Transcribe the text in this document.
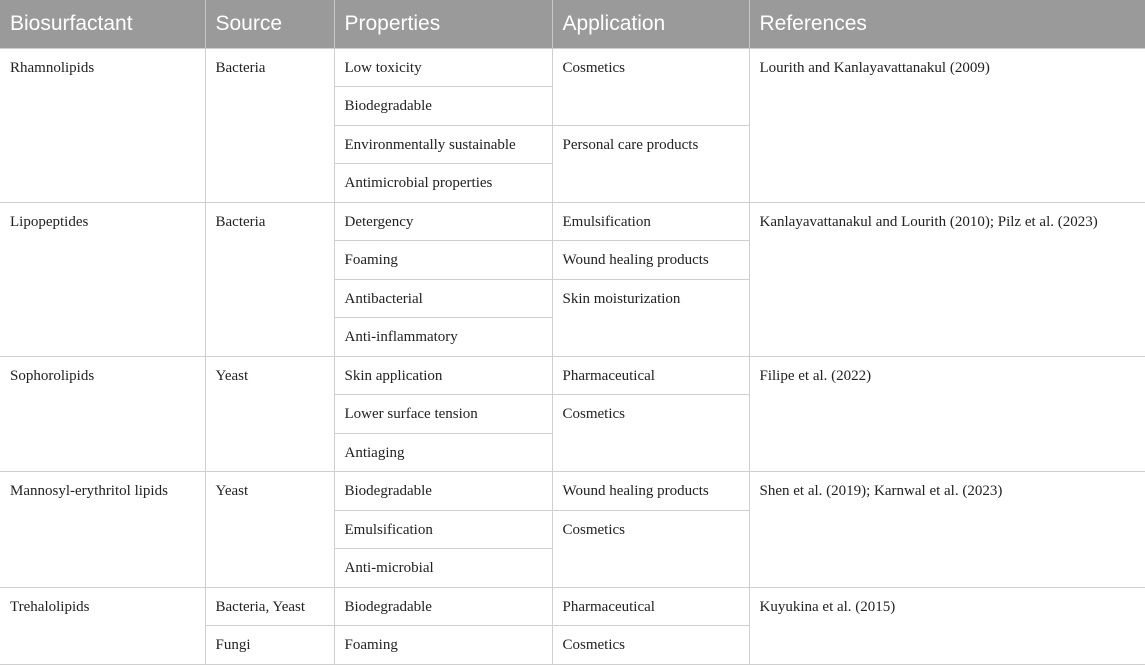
Biosurfactant	Source	Properties	Application	References
Rhamnolipids	Bacteria	Low toxicity	Cosmetics	Lourith and Kanlayavattanakul (2009)
		Biodegradable		
		Environmentally sustainable	Personal care products	
		Antimicrobial properties		
Lipopeptides	Bacteria	Detergency	Emulsification	Kanlayavattanakul and Lourith (2010); Pilz et al. (2023)
		Foaming	Wound healing products	
		Antibacterial	Skin moisturization	
		Anti-inflammatory		
Sophorolipids	Yeast	Skin application	Pharmaceutical	Filipe et al. (2022)
		Lower surface tension	Cosmetics	
		Antiaging		
Mannosyl-erythritol lipids	Yeast	Biodegradable	Wound healing products	Shen et al. (2019); Karnwal et al. (2023)
		Emulsification	Cosmetics	
		Anti-microbial		
Trehalolipids	Bacteria, Yeast	Biodegradable	Pharmaceutical	Kuyukina et al. (2015)
	Fungi	Foaming	Cosmetics	
